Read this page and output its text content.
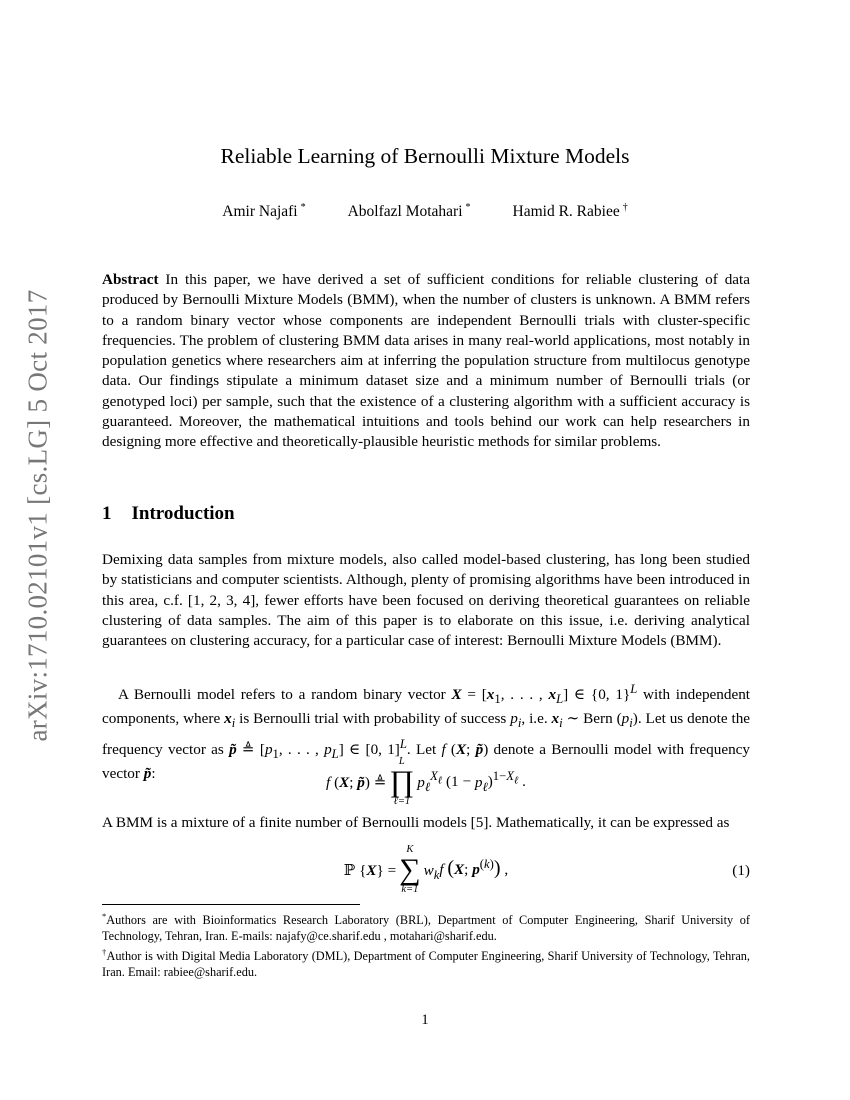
arXiv:1710.02101v1 [cs.LG] 5 Oct 2017
Reliable Learning of Bernoulli Mixture Models
Amir Najafi *	Abolfazl Motahari *	Hamid R. Rabiee †
Abstract In this paper, we have derived a set of sufficient conditions for reliable clustering of data produced by Bernoulli Mixture Models (BMM), when the number of clusters is unknown. A BMM refers to a random binary vector whose components are independent Bernoulli trials with cluster-specific frequencies. The problem of clustering BMM data arises in many real-world applications, most notably in population genetics where researchers aim at inferring the population structure from multilocus genotype data. Our findings stipulate a minimum dataset size and a minimum number of Bernoulli trials (or genotyped loci) per sample, such that the existence of a clustering algorithm with a sufficient accuracy is guaranteed. Moreover, the mathematical intuitions and tools behind our work can help researchers in designing more effective and theoretically-plausible heuristic methods for similar problems.
1 Introduction
Demixing data samples from mixture models, also called model-based clustering, has long been studied by statisticians and computer scientists. Although, plenty of promising algorithms have been introduced in this area, c.f. [1, 2, 3, 4], fewer efforts have been focused on deriving theoretical guarantees on reliable clustering of data samples. The aim of this paper is to elaborate on this issue, i.e. deriving analytical guarantees on clustering accuracy, for a particular case of interest: Bernoulli Mixture Models (BMM).
A Bernoulli model refers to a random binary vector $X = [x_1$, . . . , $x_L$] ∈ {0, 1}$^L$ with independent components, where $x_i$ is Bernoulli trial with probability of success $p_i$, i.e. $x_i$ ∼ Bern $(p_i)$. Let us denote the frequency vector as p̃ ≜ [$p_1$, . . . , $p_L$] ∈ [0, 1]$^L$. Let f (X; p̃) denote a Bernoulli model with frequency vector p̃:	f (X; p̃) ≜
L
∏
ℓ=1
$p_\ell^{X_\ell}$ $(1 - p_\ell)^{1-X_\ell}$ .
A BMM is a mixture of a finite number of Bernoulli models [5]. Mathematically, it can be expressed as
ℙ {X} =
K
∑
k=1
$w_kf$ (X; $p^{(k)}$) ,	(1)

*Authors are with Bioinformatics Research Laboratory (BRL), Department of Computer Engineering, Sharif University of Technology, Tehran, Iran. E-mails: najafy@ce.sharif.edu , motahari@sharif.edu.

†Author is with Digital Media Laboratory (DML), Department of Computer Engineering, Sharif University of Technology, Tehran, Iran. Email: rabiee@sharif.edu.

1
